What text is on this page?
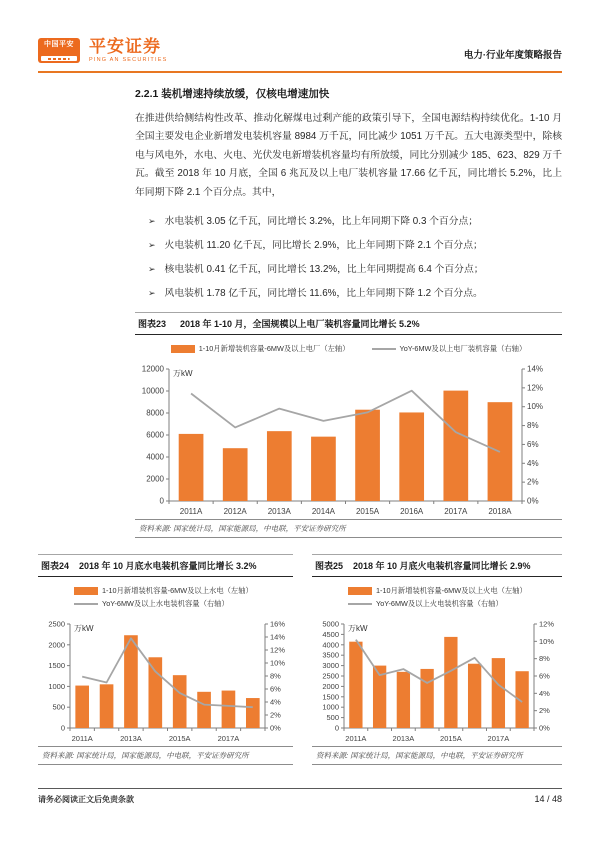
中国平安 平安证券
PING AN SECURITIES	电力·行业年度策略报告
2.2.1 装机增速持续放缓，仅核电增速加快

在推进供给侧结构性改革、推动化解煤电过剩产能的政策引导下，全国电源结构持续优化。1-10 月全国主要发电企业新增发电装机容量 8984 万千瓦，同比减少 1051 万千瓦。五大电源类型中，除核电与风电外，水电、火电、光伏发电新增装机容量均有所放缓，同比分别减少 185、623、829 万千瓦。截至 2018 年 10 月底，全国 6 兆瓦及以上电厂装机容量 17.66 亿千瓦，同比增长 5.2%，比上年同期下降 2.1 个百分点。其中，

➢ 水电装机 3.05 亿千瓦，同比增长 3.2%，比上年同期下降 0.3 个百分点；
➢ 火电装机 11.20 亿千瓦，同比增长 2.9%，比上年同期下降 2.1 个百分点；
➢ 核电装机 0.41 亿千瓦，同比增长 13.2%，比上年同期提高 6.4 个百分点；
➢ 风电装机 1.78 亿千瓦，同比增长 11.6%，比上年同期下降 1.2 个百分点。
图表23 2018 年 1-10 月，全国规模以上电厂装机容量同比增长 5.2%
1-10月新增装机容量-6MW及以上电厂（左轴）	YoY-6MW及以上电厂装机容量（右轴）
0
2000
4000
6000
8000
10000
12000
0%
2%
4%
6%
8%
10%
12%
14%
2011A	2012A	2013A	2014A	2015A	2016A	2017A	2018A
万kW
资料来源: 国家统计局，国家能源局，中电联，平安证券研究所
图表24 2018 年 10 月底水电装机容量同比增长 3.2%
1-10月新增装机容量-6MW及以上水电（左轴）
YoY-6MW及以上水电装机容量（右轴）
0
500
1000
1500
2000
2500
0%
2%
4%
6%
8%
10%
12%
14%
16%
2011A	2013A	2015A	2017A
万kW
资料来源: 国家统计局，国家能源局，中电联，平安证券研究所
图表25 2018 年 10 月底火电装机容量同比增长 2.9%
1-10月新增装机容量-6MW及以上火电（左轴）
YoY-6MW及以上火电装机容量（右轴）
0
500
1000
1500
2000
2500
3000
3500
4000
4500
5000
0%
2%
4%
6%
8%
10%
12%
2011A	2013A	2015A	2017A
万kW
资料来源: 国家统计局，国家能源局，中电联，平安证券研究所
请务必阅读正文后免责条款	14 / 48
